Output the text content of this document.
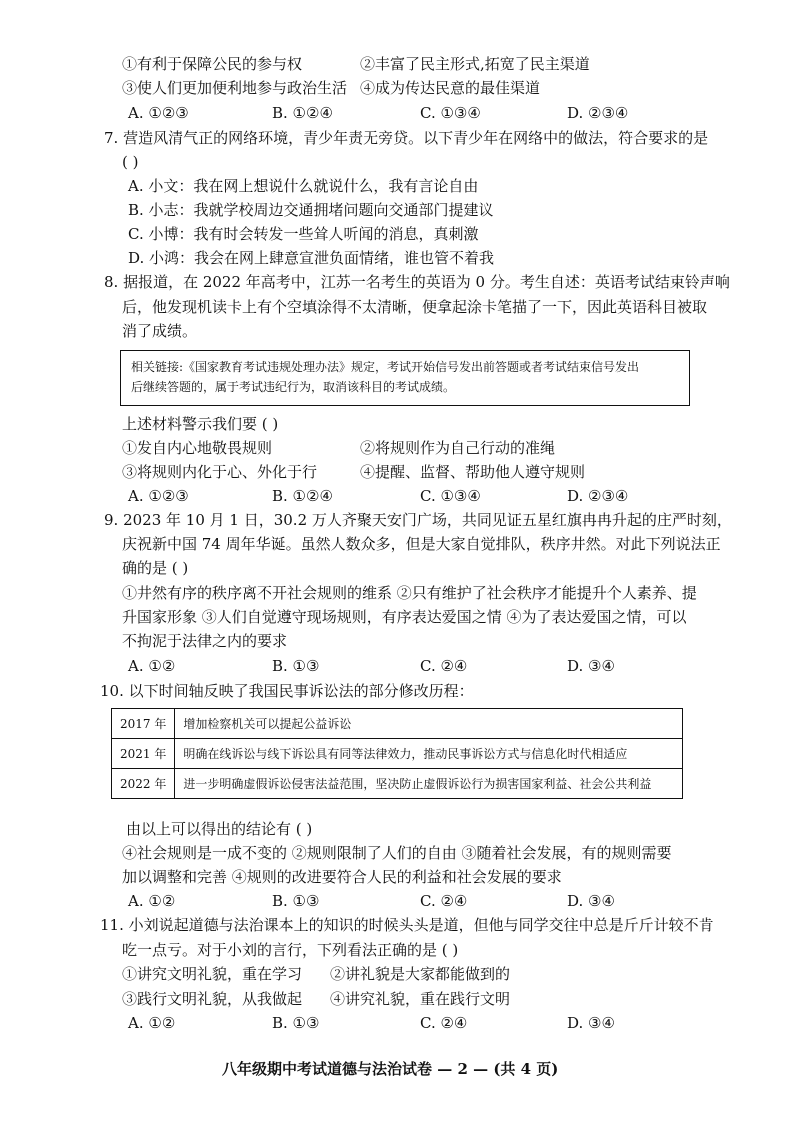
①有利于保障公民的参与权	②丰富了民主形式,拓宽了民主渠道
③使人们更加便利地参与政治生活 ④成为传达民意的最佳渠道
A. ①②③	B. ①②④	C. ①③④	D. ②③④
7. 营造风清气正的网络环境，青少年责无旁贷。以下青少年在网络中的做法，符合要求的是
( )
A. 小文：我在网上想说什么就说什么，我有言论自由
B. 小志：我就学校周边交通拥堵问题向交通部门提建议
C. 小博：我有时会转发一些耸人听闻的消息，真刺激
D. 小鸿：我会在网上肆意宣泄负面情绪，谁也管不着我
8. 据报道，在 2022 年高考中，江苏一名考生的英语为 0 分。考生自述：英语考试结束铃声响
后，他发现机读卡上有个空填涂得不太清晰，便拿起涂卡笔描了一下，因此英语科目被取
消了成绩。
相关链接:《国家教育考试违规处理办法》规定，考试开始信号发出前答题或者考试结束信号发出
后继续答题的，属于考试违纪行为，取消该科目的考试成绩。
上述材料警示我们要 ( )
①发自内心地敬畏规则	②将规则作为自己行动的准绳
③将规则内化于心、外化于行	④提醒、监督、帮助他人遵守规则
A. ①②③	B. ①②④	C. ①③④	D. ②③④
9. 2023 年 10 月 1 日，30.2 万人齐聚天安门广场，共同见证五星红旗冉冉升起的庄严时刻，
庆祝新中国 74 周年华诞。虽然人数众多，但是大家自觉排队，秩序井然。对此下列说法正
确的是 ( )
①井然有序的秩序离不开社会规则的维系 ②只有维护了社会秩序才能提升个人素养、提
升国家形象 ③人们自觉遵守现场规则，有序表达爱国之情 ④为了表达爱国之情，可以
不拘泥于法律之内的要求
A. ①②	B. ①③	C. ②④	D. ③④
10. 以下时间轴反映了我国民事诉讼法的部分修改历程：
2017 年	增加检察机关可以提起公益诉讼
2021 年	明确在线诉讼与线下诉讼具有同等法律效力，推动民事诉讼方式与信息化时代相适应
2022 年	进一步明确虚假诉讼侵害法益范围，坚决防止虚假诉讼行为损害国家利益、社会公共利益
由以上可以得出的结论有 ( )
④社会规则是一成不变的 ②规则限制了人们的自由 ③随着社会发展，有的规则需要
加以调整和完善 ④规则的改进要符合人民的利益和社会发展的要求
A. ①②	B. ①③	C. ②④	D. ③④
11. 小刘说起道德与法治课本上的知识的时候头头是道，但他与同学交往中总是斤斤计较不肯
吃一点亏。对于小刘的言行，下列看法正确的是 ( )
①讲究文明礼貌，重在学习 ②讲礼貌是大家都能做到的
③践行文明礼貌，从我做起 ④讲究礼貌，重在践行文明
A. ①②	B. ①③	C. ②④	D. ③④
八年级期中考试道德与法治试卷 — 2 — (共 4 页)
